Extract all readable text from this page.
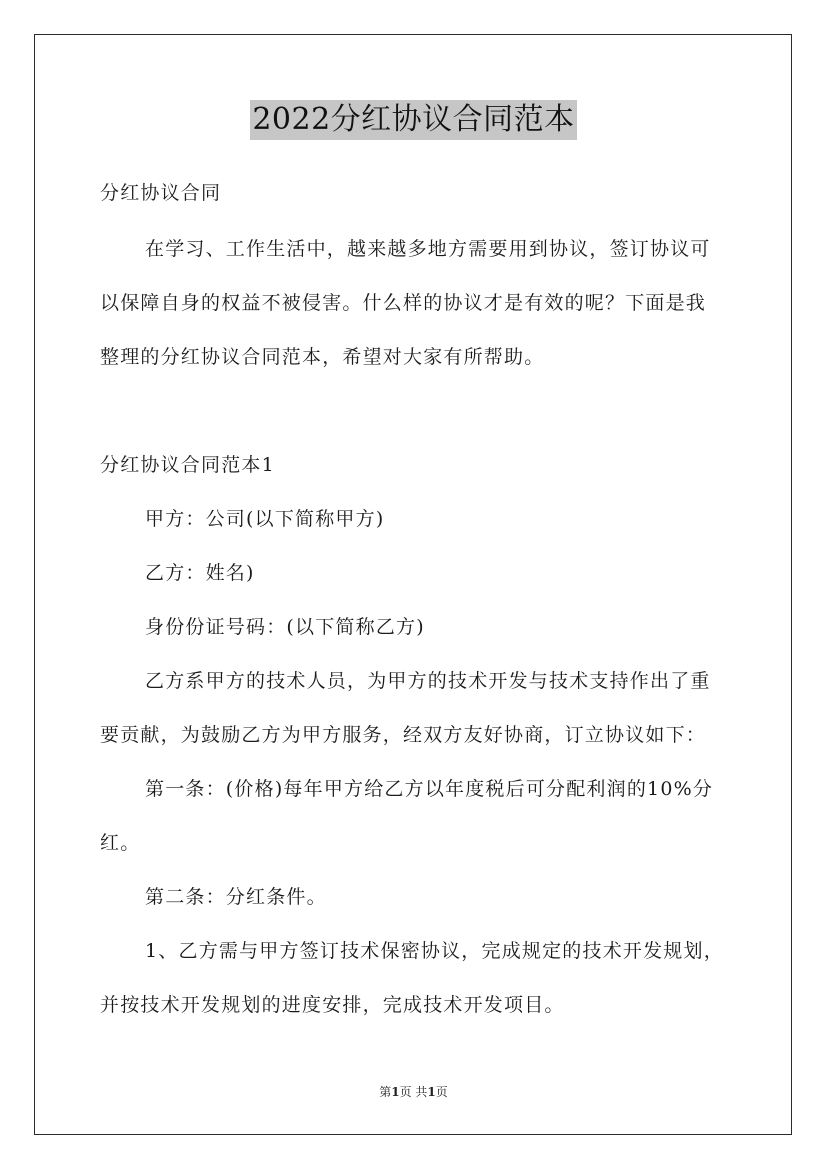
2022分红协议合同范本
分红协议合同
在学习、工作生活中，越来越多地方需要用到协议，签订协议可
以保障自身的权益不被侵害。什么样的协议才是有效的呢？下面是我
整理的分红协议合同范本，希望对大家有所帮助。
分红协议合同范本1
甲方：公司(以下简称甲方)
乙方：姓名)
身份份证号码：(以下简称乙方)
乙方系甲方的技术人员，为甲方的技术开发与技术支持作出了重
要贡献，为鼓励乙方为甲方服务，经双方友好协商，订立协议如下：
第一条：(价格)每年甲方给乙方以年度税后可分配利润的10%分
红。
第二条：分红条件。
1、乙方需与甲方签订技术保密协议，完成规定的技术开发规划，
并按技术开发规划的进度安排，完成技术开发项目。
第1页 共1页
